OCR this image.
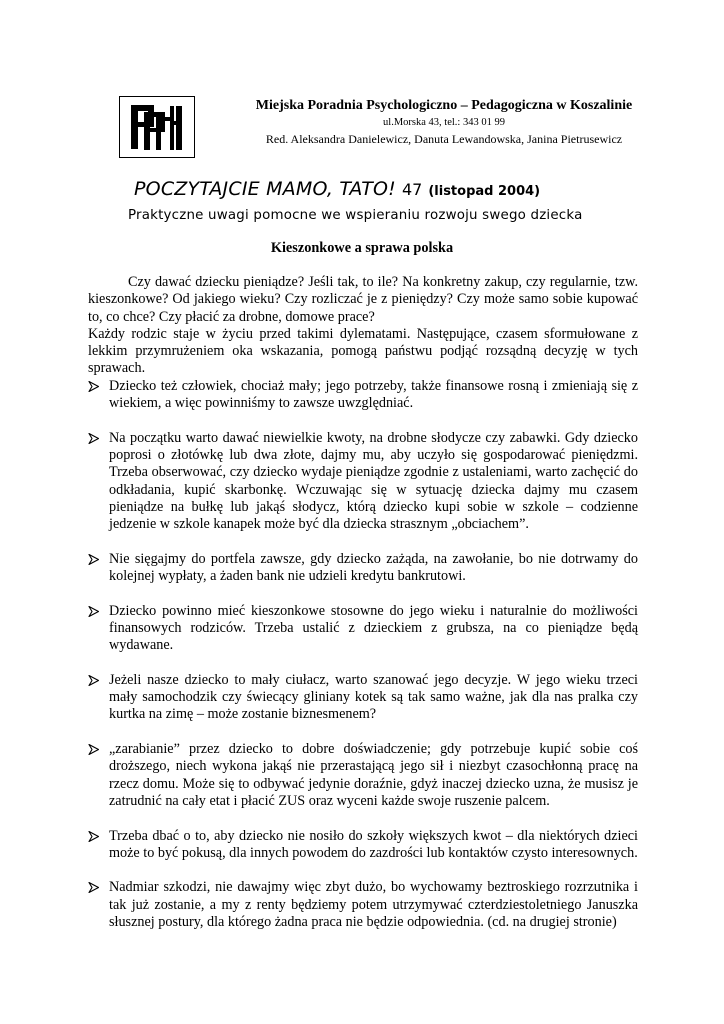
Miejska Poradnia Psychologiczno – Pedagogiczna w Koszalinie
ul.Morska 43, tel.: 343 01 99
Red. Aleksandra Danielewicz, Danuta Lewandowska, Janina Pietrusewicz
POCZYTAJCIE MAMO, TATO! 47 (listopad 2004)
Praktyczne uwagi pomocne we wspieraniu rozwoju swego dziecka
Kieszonkowe a sprawa polska

Czy dawać dziecku pieniądze? Jeśli tak, to ile? Na konkretny zakup, czy regularnie, tzw. kieszonkowe? Od jakiego wieku? Czy rozliczać je z pieniędzy? Czy może samo sobie kupować to, co chce? Czy płacić za drobne, domowe prace?

Każdy rodzic staje w życiu przed takimi dylematami. Następujące, czasem sformułowane z lekkim przymrużeniem oka wskazania, pomogą państwu podjąć rozsądną decyzję w tych sprawach.

Dziecko też człowiek, chociaż mały; jego potrzeby, także finansowe rosną i zmieniają się z wiekiem, a więc powinniśmy to zawsze uwzględniać.
Na początku warto dawać niewielkie kwoty, na drobne słodycze czy zabawki. Gdy dziecko poprosi o złotówkę lub dwa złote, dajmy mu, aby uczyło się gospodarować pieniędzmi. Trzeba obserwować, czy dziecko wydaje pieniądze zgodnie z ustaleniami, warto zachęcić do odkładania, kupić skarbonkę. Wczuwając się w sytuację dziecka dajmy mu czasem pieniądze na bułkę lub jakąś słodycz, którą dziecko kupi sobie w szkole – codzienne jedzenie w szkole kanapek może być dla dziecka strasznym „obciachem”.
Nie sięgajmy do portfela zawsze, gdy dziecko zażąda, na zawołanie, bo nie dotrwamy do kolejnej wypłaty, a żaden bank nie udzieli kredytu bankrutowi.
Dziecko powinno mieć kieszonkowe stosowne do jego wieku i naturalnie do możliwości finansowych rodziców. Trzeba ustalić z dzieckiem z grubsza, na co pieniądze będą wydawane.
Jeżeli nasze dziecko to mały ciułacz, warto szanować jego decyzje. W jego wieku trzeci mały samochodzik czy świecący gliniany kotek są tak samo ważne, jak dla nas pralka czy kurtka na zimę – może zostanie biznesmenem?
„zarabianie” przez dziecko to dobre doświadczenie; gdy potrzebuje kupić sobie coś droższego, niech wykona jakąś nie przerastającą jego sił i niezbyt czasochłonną pracę na rzecz domu. Może się to odbywać jedynie doraźnie, gdyż inaczej dziecko uzna, że musisz je zatrudnić na cały etat i płacić ZUS oraz wyceni każde swoje ruszenie palcem.
Trzeba dbać o to, aby dziecko nie nosiło do szkoły większych kwot – dla niektórych dzieci może to być pokusą, dla innych powodem do zazdrości lub kontaktów czysto interesownych.
Nadmiar szkodzi, nie dawajmy więc zbyt dużo, bo wychowamy beztroskiego rozrzutnika i tak już zostanie, a my z renty będziemy potem utrzymywać czterdziestoletniego Januszka słusznej postury, dla którego żadna praca nie będzie odpowiednia. (cd. na drugiej stronie)
